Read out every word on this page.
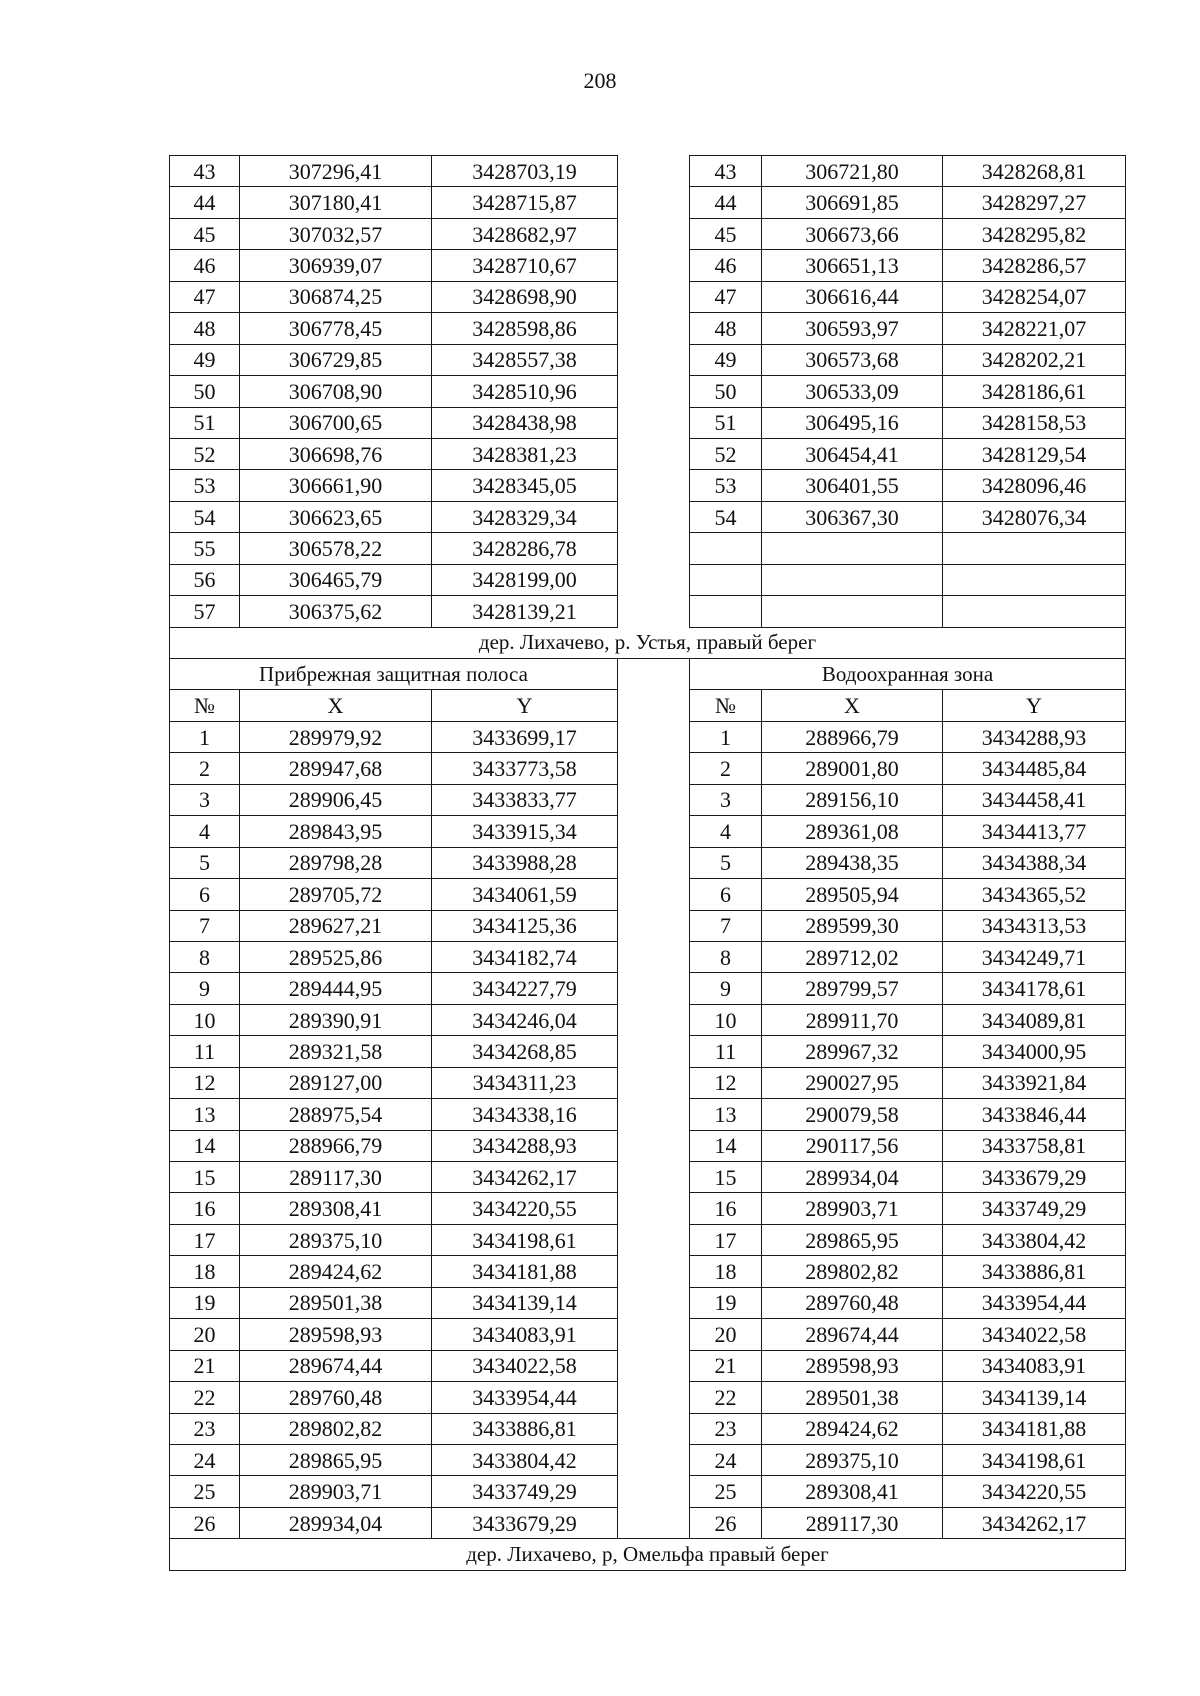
208
43	307296,41	3428703,19		43	306721,80	3428268,81
44	307180,41	3428715,87		44	306691,85	3428297,27
45	307032,57	3428682,97		45	306673,66	3428295,82
46	306939,07	3428710,67		46	306651,13	3428286,57
47	306874,25	3428698,90		47	306616,44	3428254,07
48	306778,45	3428598,86		48	306593,97	3428221,07
49	306729,85	3428557,38		49	306573,68	3428202,21
50	306708,90	3428510,96		50	306533,09	3428186,61
51	306700,65	3428438,98		51	306495,16	3428158,53
52	306698,76	3428381,23		52	306454,41	3428129,54
53	306661,90	3428345,05		53	306401,55	3428096,46
54	306623,65	3428329,34		54	306367,30	3428076,34
55	306578,22	3428286,78				
56	306465,79	3428199,00				
57	306375,62	3428139,21				
дер. Лихачево, р. Устья, правый берег						
Прибрежная защитная полоса				Водоохранная зона		
№	X	Y		№	X	Y
1	289979,92	3433699,17		1	288966,79	3434288,93
2	289947,68	3433773,58		2	289001,80	3434485,84
3	289906,45	3433833,77		3	289156,10	3434458,41
4	289843,95	3433915,34		4	289361,08	3434413,77
5	289798,28	3433988,28		5	289438,35	3434388,34
6	289705,72	3434061,59		6	289505,94	3434365,52
7	289627,21	3434125,36		7	289599,30	3434313,53
8	289525,86	3434182,74		8	289712,02	3434249,71
9	289444,95	3434227,79		9	289799,57	3434178,61
10	289390,91	3434246,04		10	289911,70	3434089,81
11	289321,58	3434268,85		11	289967,32	3434000,95
12	289127,00	3434311,23		12	290027,95	3433921,84
13	288975,54	3434338,16		13	290079,58	3433846,44
14	288966,79	3434288,93		14	290117,56	3433758,81
15	289117,30	3434262,17		15	289934,04	3433679,29
16	289308,41	3434220,55		16	289903,71	3433749,29
17	289375,10	3434198,61		17	289865,95	3433804,42
18	289424,62	3434181,88		18	289802,82	3433886,81
19	289501,38	3434139,14		19	289760,48	3433954,44
20	289598,93	3434083,91		20	289674,44	3434022,58
21	289674,44	3434022,58		21	289598,93	3434083,91
22	289760,48	3433954,44		22	289501,38	3434139,14
23	289802,82	3433886,81		23	289424,62	3434181,88
24	289865,95	3433804,42		24	289375,10	3434198,61
25	289903,71	3433749,29		25	289308,41	3434220,55
26	289934,04	3433679,29		26	289117,30	3434262,17
дер. Лихачево, р, Омельфа правый берег						
